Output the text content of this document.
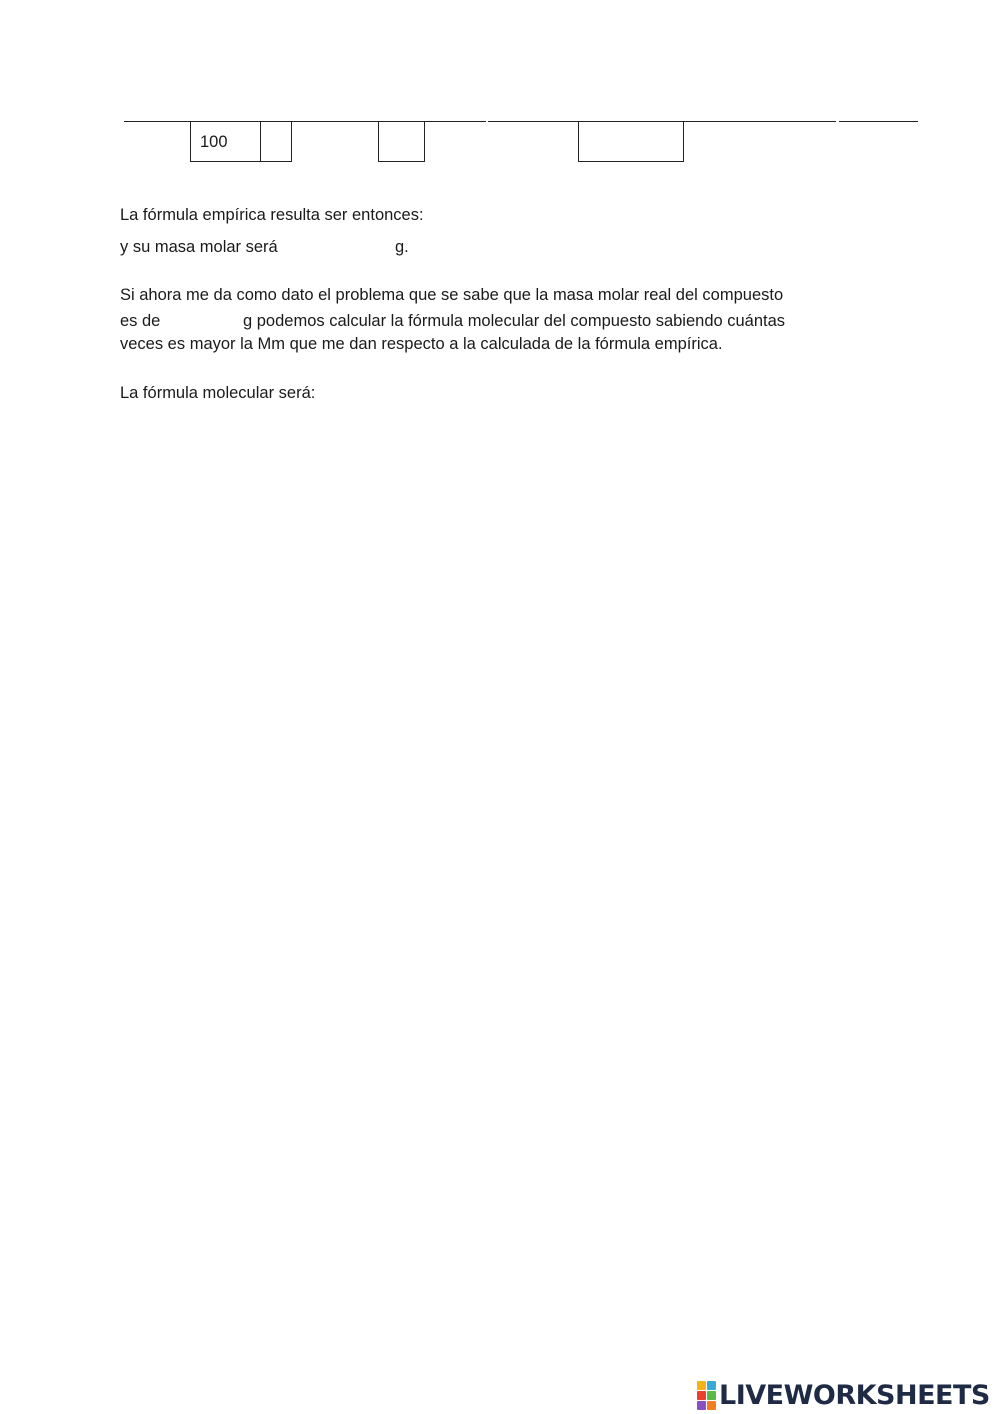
100
La fórmula empírica resulta ser entonces:
y su masa molar será	g.
Si ahora me da como dato el problema que se sabe que la masa molar real del compuesto
es de	g podemos calcular la fórmula molecular del compuesto sabiendo cuántas
veces es mayor la Mm que me dan respecto a la calculada de la fórmula empírica.
La fórmula molecular será:
LIVEWORKSHEETS
